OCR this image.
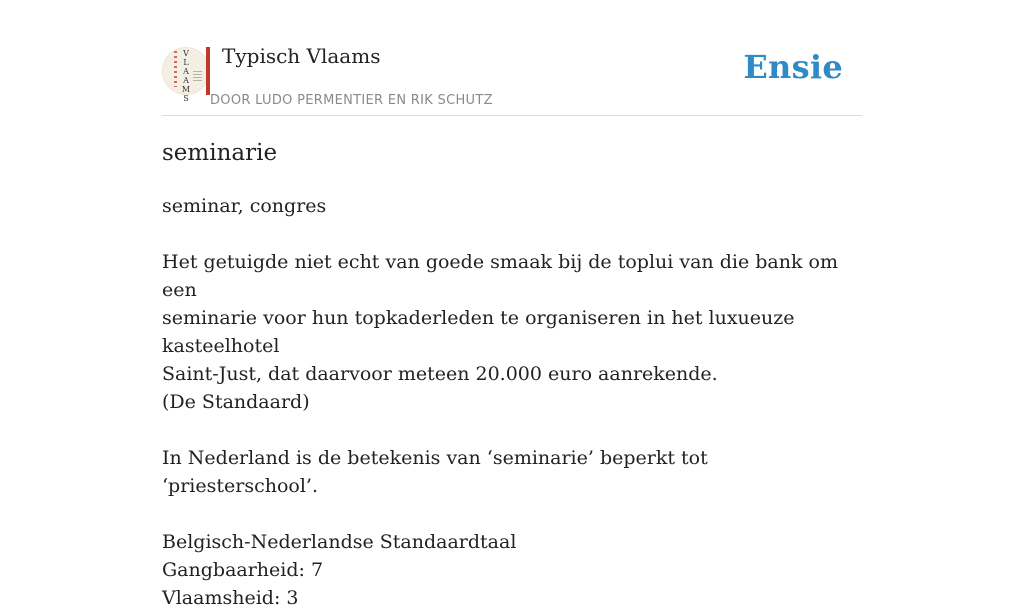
V
L
A
A
M
S
Typisch Vlaams
DOOR LUDO PERMENTIER EN RIK SCHUTZ
Ensie
seminarie

seminar, congres

Het getuigde niet echt van goede smaak bij de toplui van die bank om een

seminarie voor hun topkaderleden te organiseren in het luxueuze kasteelhotel

Saint-Just, dat daarvoor meteen 20.000 euro aanrekende.

(De Standaard)

In Nederland is de betekenis van ‘seminarie’ beperkt tot ‘priesterschool’.

Belgisch-Nederlandse Standaardtaal

Gangbaarheid: 7

Vlaamsheid: 3
